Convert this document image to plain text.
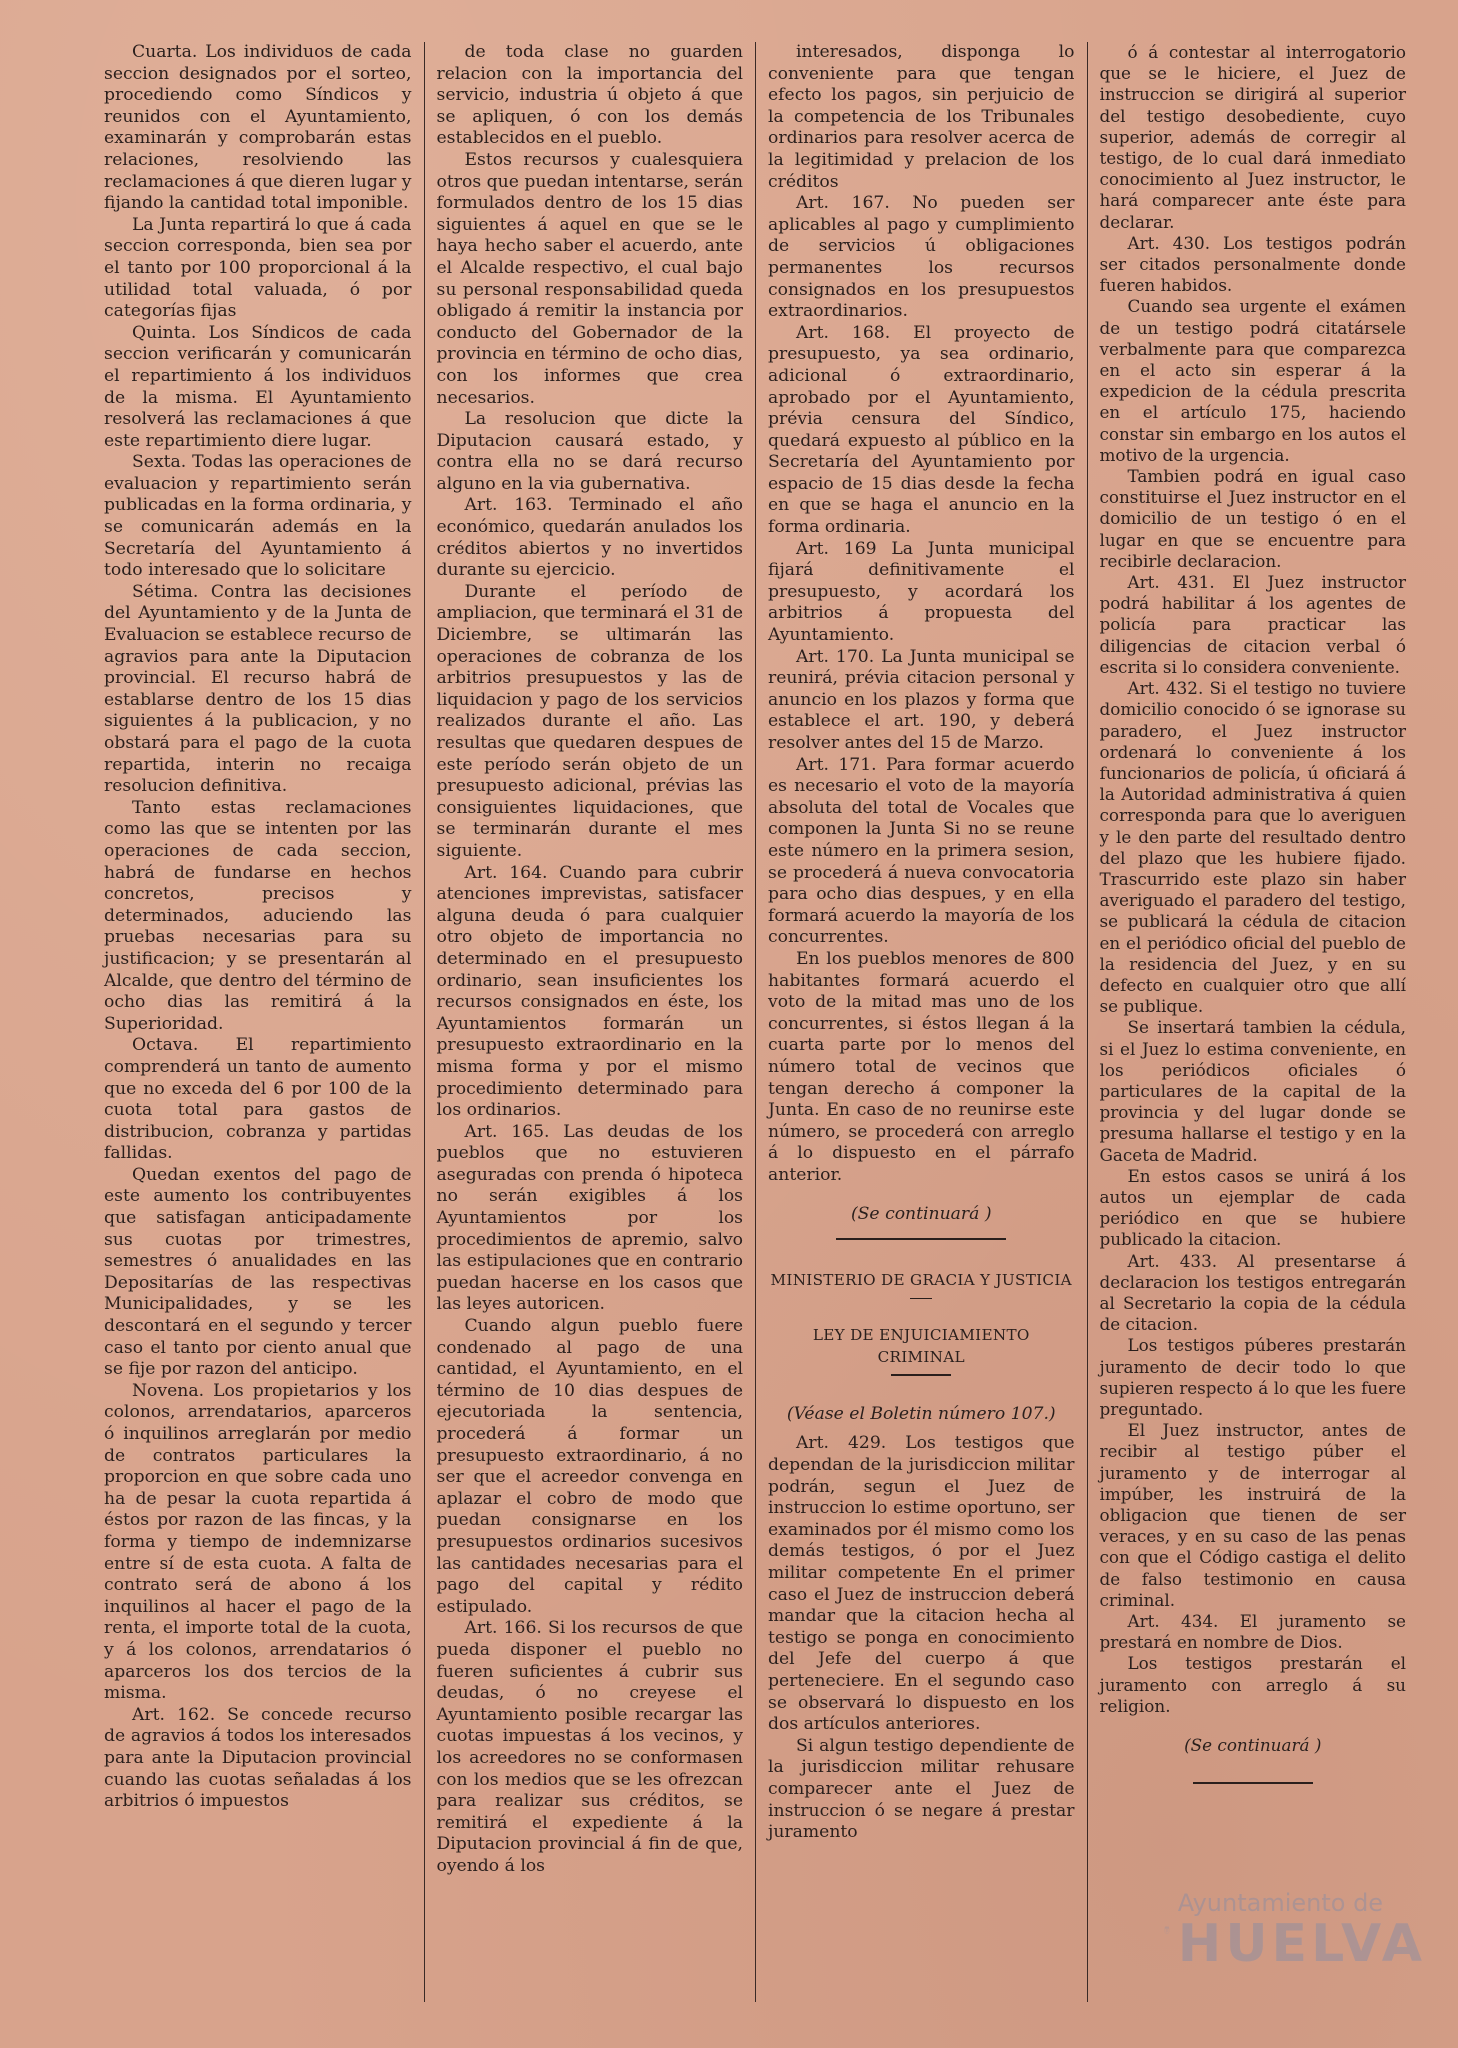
Cuarta. Los individuos de cada seccion designados por el sorteo, procediendo como Síndicos y reunidos con el Ayuntamiento, examinarán y comprobarán estas relaciones, resolviendo las reclamaciones á que dieren lugar y fijando la cantidad total imponible.

La Junta repartirá lo que á cada seccion corresponda, bien sea por el tanto por 100 proporcional á la utilidad total valuada, ó por categorías fijas

Quinta. Los Síndicos de cada seccion verificarán y comunicarán el repartimiento á los individuos de la misma. El Ayuntamiento resolverá las reclamaciones á que este repartimiento diere lugar.

Sexta. Todas las operaciones de evaluacion y repartimiento serán publicadas en la forma ordinaria, y se comunicarán además en la Secretaría del Ayuntamiento á todo interesado que lo solicitare

Sétima. Contra las decisiones del Ayuntamiento y de la Junta de Evaluacion se establece recurso de agravios para ante la Diputacion provincial. El recurso habrá de establarse dentro de los 15 dias siguientes á la publicacion, y no obstará para el pago de la cuota repartida, interin no recaiga resolucion definitiva.

Tanto estas reclamaciones como las que se intenten por las operaciones de cada seccion, habrá de fundarse en hechos concretos, precisos y determinados, aduciendo las pruebas necesarias para su justificacion; y se presentarán al Alcalde, que dentro del término de ocho dias las remitirá á la Superioridad.

Octava. El repartimiento comprenderá un tanto de aumento que no exceda del 6 por 100 de la cuota total para gastos de distribucion, cobranza y partidas fallidas.

Quedan exentos del pago de este aumento los contribuyentes que satisfagan anticipadamente sus cuotas por trimestres, semestres ó anualidades en las Depositarías de las respectivas Municipalidades, y se les descontará en el segundo y tercer caso el tanto por ciento anual que se fije por razon del anticipo.

Novena. Los propietarios y los colonos, arrendatarios, aparceros ó inquilinos arreglarán por medio de contratos particulares la proporcion en que sobre cada uno ha de pesar la cuota repartida á éstos por razon de las fincas, y la forma y tiempo de indemnizarse entre sí de esta cuota. A falta de contrato será de abono á los inquilinos al hacer el pago de la renta, el importe total de la cuota, y á los colonos, arrendatarios ó aparceros los dos tercios de la misma.

Art. 162. Se concede recurso de agravios á todos los interesados para ante la Diputacion provincial cuando las cuotas señaladas á los arbitrios ó impuestos

de toda clase no guarden relacion con la importancia del servicio, industria ú objeto á que se apliquen, ó con los demás establecidos en el pueblo.

Estos recursos y cualesquiera otros que puedan intentarse, serán formulados dentro de los 15 dias siguientes á aquel en que se le haya hecho saber el acuerdo, ante el Alcalde respectivo, el cual bajo su personal responsabilidad queda obligado á remitir la instancia por conducto del Gobernador de la provincia en término de ocho dias, con los informes que crea necesarios.

La resolucion que dicte la Diputacion causará estado, y contra ella no se dará recurso alguno en la via gubernativa.

Art. 163. Terminado el año económico, quedarán anulados los créditos abiertos y no invertidos durante su ejercicio.

Durante el período de ampliacion, que terminará el 31 de Diciembre, se ultimarán las operaciones de cobranza de los arbitrios presupuestos y las de liquidacion y pago de los servicios realizados durante el año. Las resultas que quedaren despues de este período serán objeto de un presupuesto adicional, prévias las consiguientes liquidaciones, que se terminarán durante el mes siguiente.

Art. 164. Cuando para cubrir atenciones imprevistas, satisfacer alguna deuda ó para cualquier otro objeto de importancia no determinado en el presupuesto ordinario, sean insuficientes los recursos consignados en éste, los Ayuntamientos formarán un presupuesto extraordinario en la misma forma y por el mismo procedimiento determinado para los ordinarios.

Art. 165. Las deudas de los pueblos que no estuvieren aseguradas con prenda ó hipoteca no serán exigibles á los Ayuntamientos por los procedimientos de apremio, salvo las estipulaciones que en contrario puedan hacerse en los casos que las leyes autoricen.

Cuando algun pueblo fuere condenado al pago de una cantidad, el Ayuntamiento, en el término de 10 dias despues de ejecutoriada la sentencia, procederá á formar un presupuesto extraordinario, á no ser que el acreedor convenga en aplazar el cobro de modo que puedan consignarse en los presupuestos ordinarios sucesivos las cantidades necesarias para el pago del capital y rédito estipulado.

Art. 166. Si los recursos de que pueda disponer el pueblo no fueren suficientes á cubrir sus deudas, ó no creyese el Ayuntamiento posible recargar las cuotas impuestas á los vecinos, y los acreedores no se conformasen con los medios que se les ofrezcan para realizar sus créditos, se remitirá el expediente á la Diputacion provincial á fin de que, oyendo á los

interesados, disponga lo conveniente para que tengan efecto los pagos, sin perjuicio de la competencia de los Tribunales ordinarios para resolver acerca de la legitimidad y prelacion de los créditos

Art. 167. No pueden ser aplicables al pago y cumplimiento de servicios ú obligaciones permanentes los recursos consignados en los presupuestos extraordinarios.

Art. 168. El proyecto de presupuesto, ya sea ordinario, adicional ó extraordinario, aprobado por el Ayuntamiento, prévia censura del Síndico, quedará expuesto al público en la Secretaría del Ayuntamiento por espacio de 15 dias desde la fecha en que se haga el anuncio en la forma ordinaria.

Art. 169 La Junta municipal fijará definitivamente el presupuesto, y acordará los arbitrios á propuesta del Ayuntamiento.

Art. 170. La Junta municipal se reunirá, prévia citacion personal y anuncio en los plazos y forma que establece el art. 190, y deberá resolver antes del 15 de Marzo.

Art. 171. Para formar acuerdo es necesario el voto de la mayoría absoluta del total de Vocales que componen la Junta Si no se reune este número en la primera sesion, se procederá á nueva convocatoria para ocho dias despues, y en ella formará acuerdo la mayoría de los concurrentes.

En los pueblos menores de 800 habitantes formará acuerdo el voto de la mitad mas uno de los concurrentes, si éstos llegan á la cuarta parte por lo menos del número total de vecinos que tengan derecho á componer la Junta. En caso de no reunirse este número, se procederá con arreglo á lo dispuesto en el párrafo anterior.

(Se continuará )

MINISTERIO DE GRACIA Y JUSTICIA

LEY DE ENJUICIAMIENTO CRIMINAL

(Véase el Boletin número 107.)

Art. 429. Los testigos que dependan de la jurisdiccion militar podrán, segun el Juez de instruccion lo estime oportuno, ser examinados por él mismo como los demás testigos, ó por el Juez militar competente En el primer caso el Juez de instruccion deberá mandar que la citacion hecha al testigo se ponga en conocimiento del Jefe del cuerpo á que perteneciere. En el segundo caso se observará lo dispuesto en los dos artículos anteriores.

Si algun testigo dependiente de la jurisdiccion militar rehusare comparecer ante el Juez de instruccion ó se negare á prestar juramento

ó á contestar al interrogatorio que se le hiciere, el Juez de instruccion se dirigirá al superior del testigo desobediente, cuyo superior, además de corregir al testigo, de lo cual dará inmediato conocimiento al Juez instructor, le hará comparecer ante éste para declarar.

Art. 430. Los testigos podrán ser citados personalmente donde fueren habidos.

Cuando sea urgente el exámen de un testigo podrá citatársele verbalmente para que comparezca en el acto sin esperar á la expedicion de la cédula prescrita en el artículo 175, haciendo constar sin embargo en los autos el motivo de la urgencia.

Tambien podrá en igual caso constituirse el Juez instructor en el domicilio de un testigo ó en el lugar en que se encuentre para recibirle declaracion.

Art. 431. El Juez instructor podrá habilitar á los agentes de policía para practicar las diligencias de citacion verbal ó escrita si lo considera conveniente.

Art. 432. Si el testigo no tuviere domicilio conocido ó se ignorase su paradero, el Juez instructor ordenará lo conveniente á los funcionarios de policía, ú oficiará á la Autoridad administrativa á quien corresponda para que lo averiguen y le den parte del resultado dentro del plazo que les hubiere fijado. Trascurrido este plazo sin haber averiguado el paradero del testigo, se publicará la cédula de citacion en el periódico oficial del pueblo de la residencia del Juez, y en su defecto en cualquier otro que allí se publique.

Se insertará tambien la cédula, si el Juez lo estima conveniente, en los periódicos oficiales ó particulares de la capital de la provincia y del lugar donde se presuma hallarse el testigo y en la Gaceta de Madrid.

En estos casos se unirá á los autos un ejemplar de cada periódico en que se hubiere publicado la citacion.

Art. 433. Al presentarse á declaracion los testigos entregarán al Secretario la copia de la cédula de citacion.

Los testigos púberes prestarán juramento de decir todo lo que supieren respecto á lo que les fuere preguntado.

El Juez instructor, antes de recibir al testigo púber el juramento y de interrogar al impúber, les instruirá de la obligacion que tienen de ser veraces, y en su caso de las penas con que el Código castiga el delito de falso testimonio en causa criminal.

Art. 434. El juramento se prestará en nombre de Dios.

Los testigos prestarán el juramento con arreglo á su religion.

(Se continuará )

Ayuntamiento de
HUELVA
